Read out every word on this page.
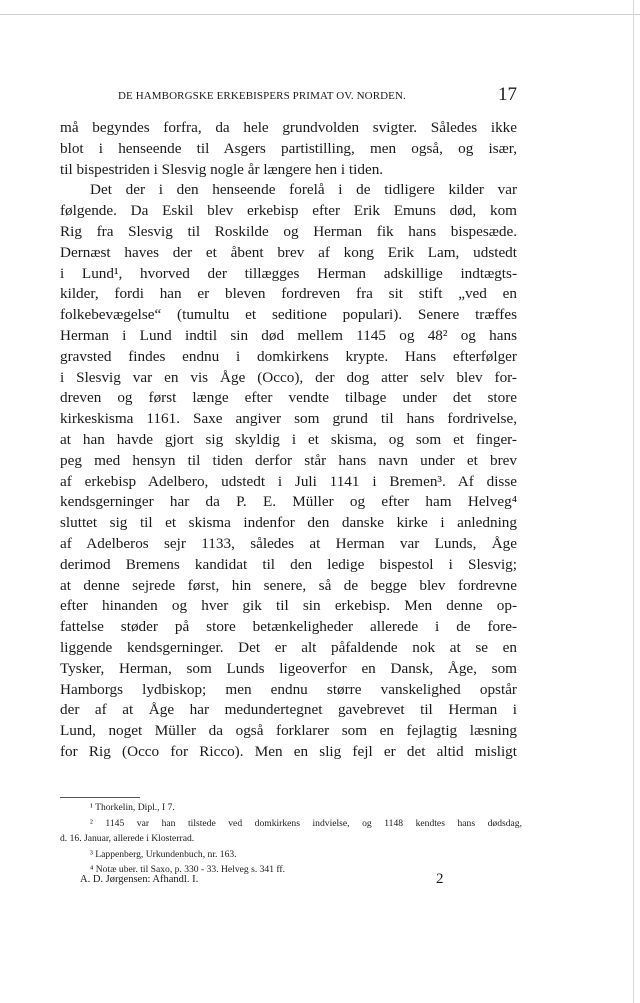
DE HAMBORGSKE ERKEBISPERS PRIMAT OV. NORDEN.	17
må begyndes forfra, da hele grundvolden svigter. Således ikke
blot i henseende til Asgers partistilling, men også, og især,
til bispestriden i Slesvig nogle år længere hen i tiden.
Det der i den henseende forelå i de tidligere kilder var
følgende. Da Eskil blev erkebisp efter Erik Emuns død, kom
Rig fra Slesvig til Roskilde og Herman fik hans bispesæde.
Dernæst haves der et åbent brev af kong Erik Lam, udstedt
i Lund¹, hvorved der tillægges Herman adskillige indtægts-
kilder, fordi han er bleven fordreven fra sit stift „ved en
folkebevægelse“ (tumultu et seditione populari). Senere træffes
Herman i Lund indtil sin død mellem 1145 og 48² og hans
gravsted findes endnu i domkirkens krypte. Hans efterfølger
i Slesvig var en vis Åge (Occo), der dog atter selv blev for-
dreven og først længe efter vendte tilbage under det store
kirkeskisma 1161. Saxe angiver som grund til hans fordrivelse,
at han havde gjort sig skyldig i et skisma, og som et finger-
peg med hensyn til tiden derfor står hans navn under et brev
af erkebisp Adelbero, udstedt i Juli 1141 i Bremen³. Af disse
kendsgerninger har da P. E. Müller og efter ham Helveg⁴
sluttet sig til et skisma indenfor den danske kirke i anledning
af Adelberos sejr 1133, således at Herman var Lunds, Åge
derimod Bremens kandidat til den ledige bispestol i Slesvig;
at denne sejrede først, hin senere, så de begge blev fordrevne
efter hinanden og hver gik til sin erkebisp. Men denne op-
fattelse støder på store betænkeligheder allerede i de fore-
liggende kendsgerninger. Det er alt påfaldende nok at se en
Tysker, Herman, som Lunds ligeoverfor en Dansk, Åge, som
Hamborgs lydbiskop; men endnu større vanskelighed opstår
der af at Åge har medundertegnet gavebrevet til Herman i
Lund, noget Müller da også forklarer som en fejlagtig læsning
for Rig (Occo for Ricco). Men en slig fejl er det altid misligt
¹ Thorkelin, Dipl., I 7.
² 1145 var han tilstede ved domkirkens indvielse, og 1148 kendtes hans dødsdag,
d. 16. Januar, allerede i Klosterrad.
³ Lappenberg, Urkundenbuch, nr. 163.
⁴ Notæ uber. til Saxo, p. 330 - 33. Helveg s. 341 ff.
A. D. Jørgensen: Afhandl. I.	2
